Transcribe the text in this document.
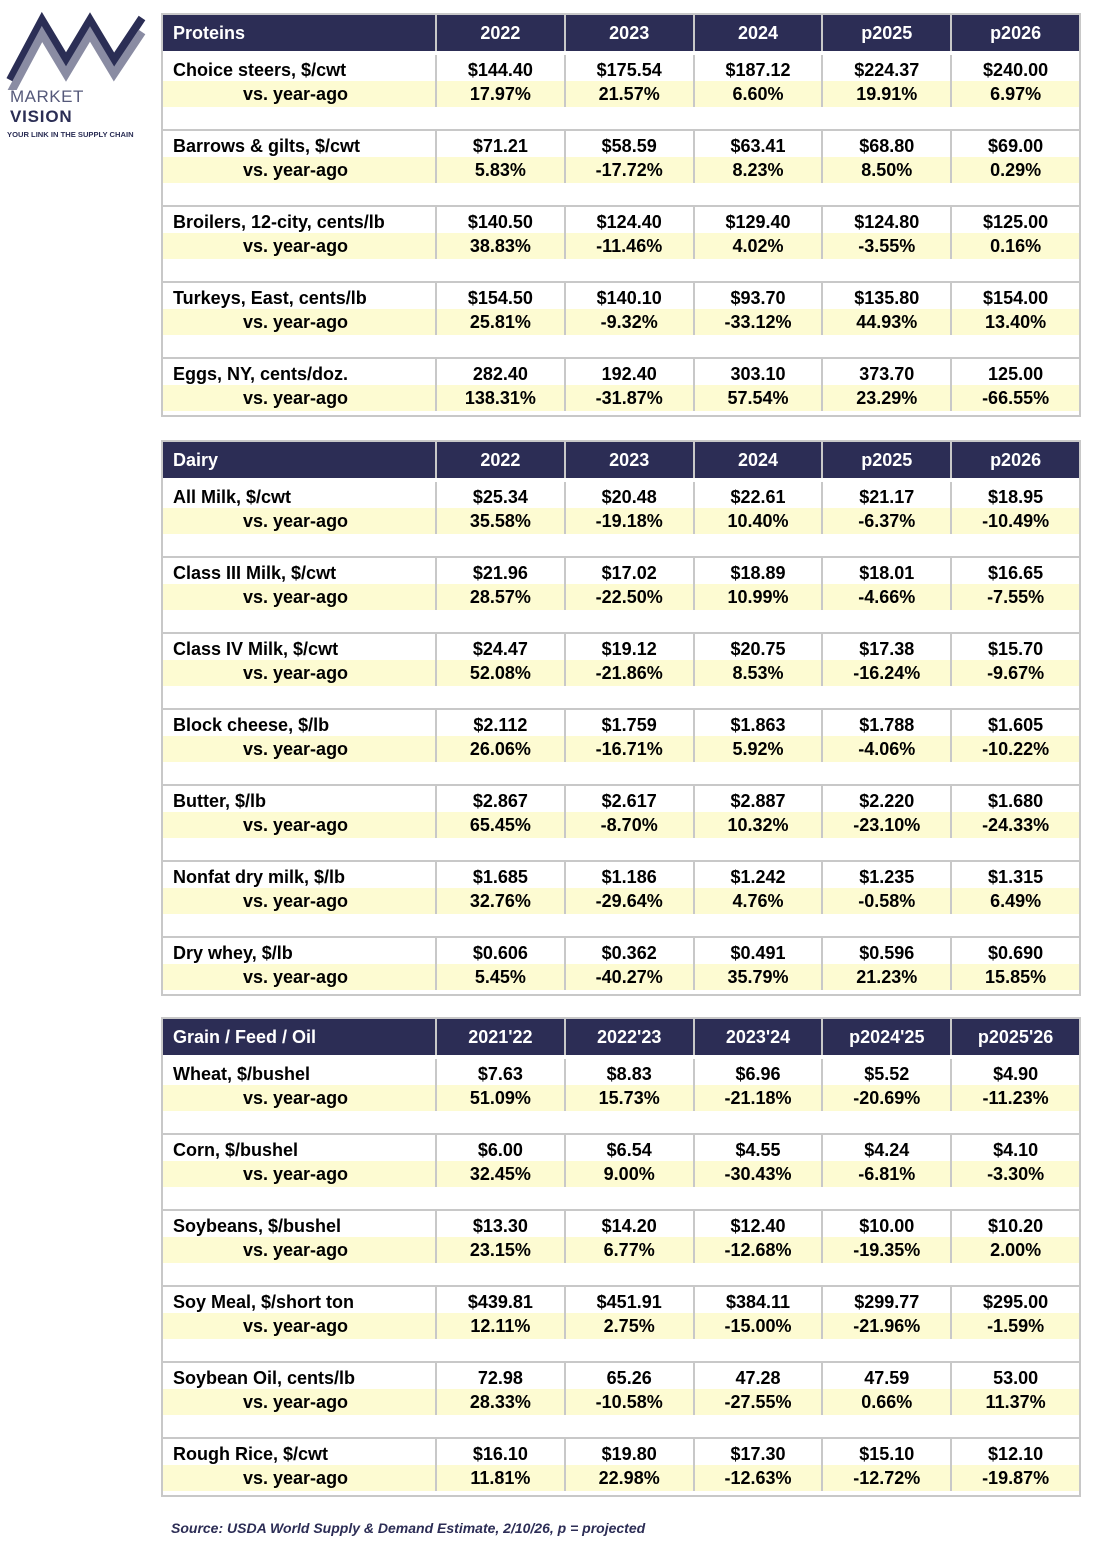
MARKET
VISION
YOUR LINK IN THE SUPPLY CHAIN
Proteins	2022	2023	2024	p2025	p2026

Choice steers, $/cwt	$144.40	$175.54	$187.12	$224.37	$240.00
vs. year-ago	17.97%	21.57%	6.60%	19.91%	6.97%

Barrows & gilts, $/cwt	$71.21	$58.59	$63.41	$68.80	$69.00
vs. year-ago	5.83%	-17.72%	8.23%	8.50%	0.29%

Broilers, 12-city, cents/lb	$140.50	$124.40	$129.40	$124.80	$125.00
vs. year-ago	38.83%	-11.46%	4.02%	-3.55%	0.16%

Turkeys, East, cents/lb	$154.50	$140.10	$93.70	$135.80	$154.00
vs. year-ago	25.81%	-9.32%	-33.12%	44.93%	13.40%

Eggs, NY, cents/doz.	282.40	192.40	303.10	373.70	125.00
vs. year-ago	138.31%	-31.87%	57.54%	23.29%	-66.55%

Dairy	2022	2023	2024	p2025	p2026

All Milk, $/cwt	$25.34	$20.48	$22.61	$21.17	$18.95
vs. year-ago	35.58%	-19.18%	10.40%	-6.37%	-10.49%

Class III Milk, $/cwt	$21.96	$17.02	$18.89	$18.01	$16.65
vs. year-ago	28.57%	-22.50%	10.99%	-4.66%	-7.55%

Class IV Milk, $/cwt	$24.47	$19.12	$20.75	$17.38	$15.70
vs. year-ago	52.08%	-21.86%	8.53%	-16.24%	-9.67%

Block cheese, $/lb	$2.112	$1.759	$1.863	$1.788	$1.605
vs. year-ago	26.06%	-16.71%	5.92%	-4.06%	-10.22%

Butter, $/lb	$2.867	$2.617	$2.887	$2.220	$1.680
vs. year-ago	65.45%	-8.70%	10.32%	-23.10%	-24.33%

Nonfat dry milk, $/lb	$1.685	$1.186	$1.242	$1.235	$1.315
vs. year-ago	32.76%	-29.64%	4.76%	-0.58%	6.49%

Dry whey, $/lb	$0.606	$0.362	$0.491	$0.596	$0.690
vs. year-ago	5.45%	-40.27%	35.79%	21.23%	15.85%

Grain / Feed / Oil	2021'22	2022'23	2023'24	p2024'25	p2025'26

Wheat, $/bushel	$7.63	$8.83	$6.96	$5.52	$4.90
vs. year-ago	51.09%	15.73%	-21.18%	-20.69%	-11.23%

Corn, $/bushel	$6.00	$6.54	$4.55	$4.24	$4.10
vs. year-ago	32.45%	9.00%	-30.43%	-6.81%	-3.30%

Soybeans, $/bushel	$13.30	$14.20	$12.40	$10.00	$10.20
vs. year-ago	23.15%	6.77%	-12.68%	-19.35%	2.00%

Soy Meal, $/short ton	$439.81	$451.91	$384.11	$299.77	$295.00
vs. year-ago	12.11%	2.75%	-15.00%	-21.96%	-1.59%

Soybean Oil, cents/lb	72.98	65.26	47.28	47.59	53.00
vs. year-ago	28.33%	-10.58%	-27.55%	0.66%	11.37%

Rough Rice, $/cwt	$16.10	$19.80	$17.30	$15.10	$12.10
vs. year-ago	11.81%	22.98%	-12.63%	-12.72%	-19.87%

Source: USDA World Supply & Demand Estimate, 2/10/26, p = projected
